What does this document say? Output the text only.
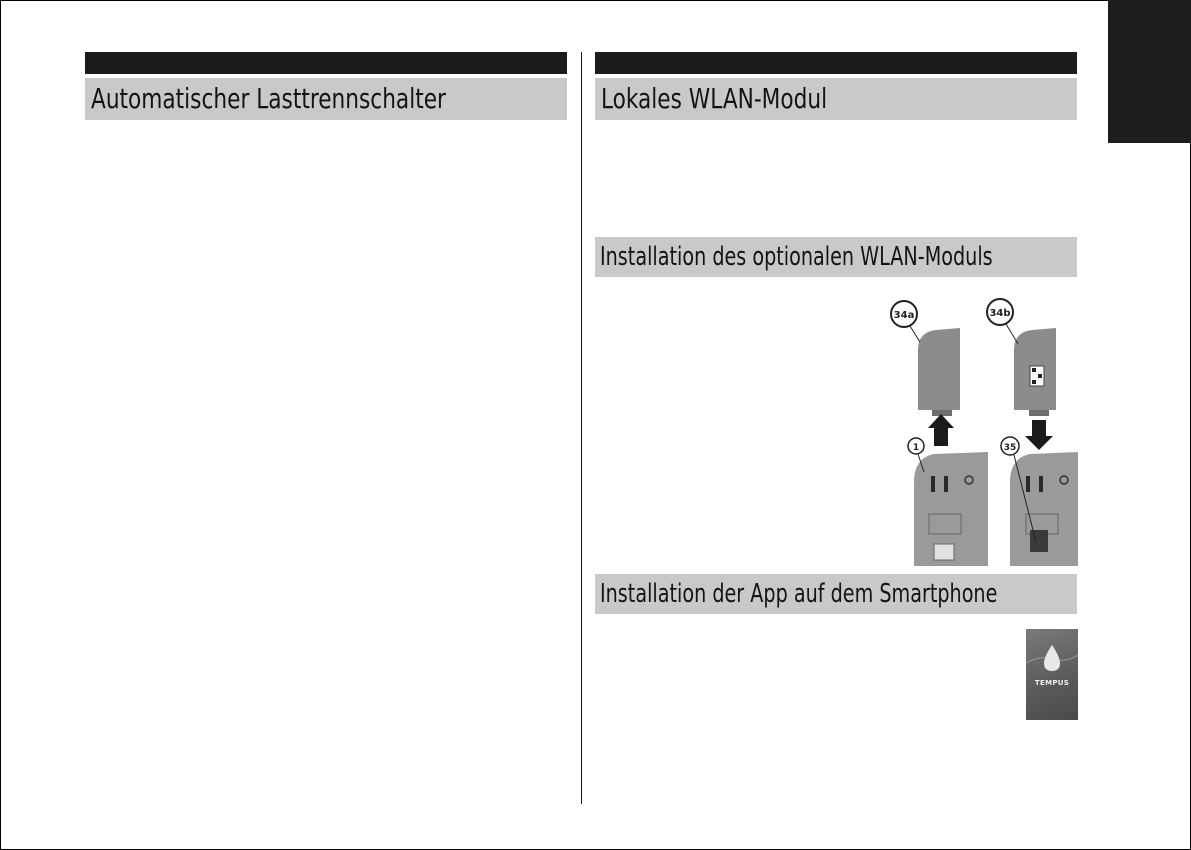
Automatischer Lasttrennschalter	Lokales WLAN-Modul
Installation des optionalen WLAN-Moduls
34a
1
34b
35
Installation der App auf dem Smartphone
TEMPUS
